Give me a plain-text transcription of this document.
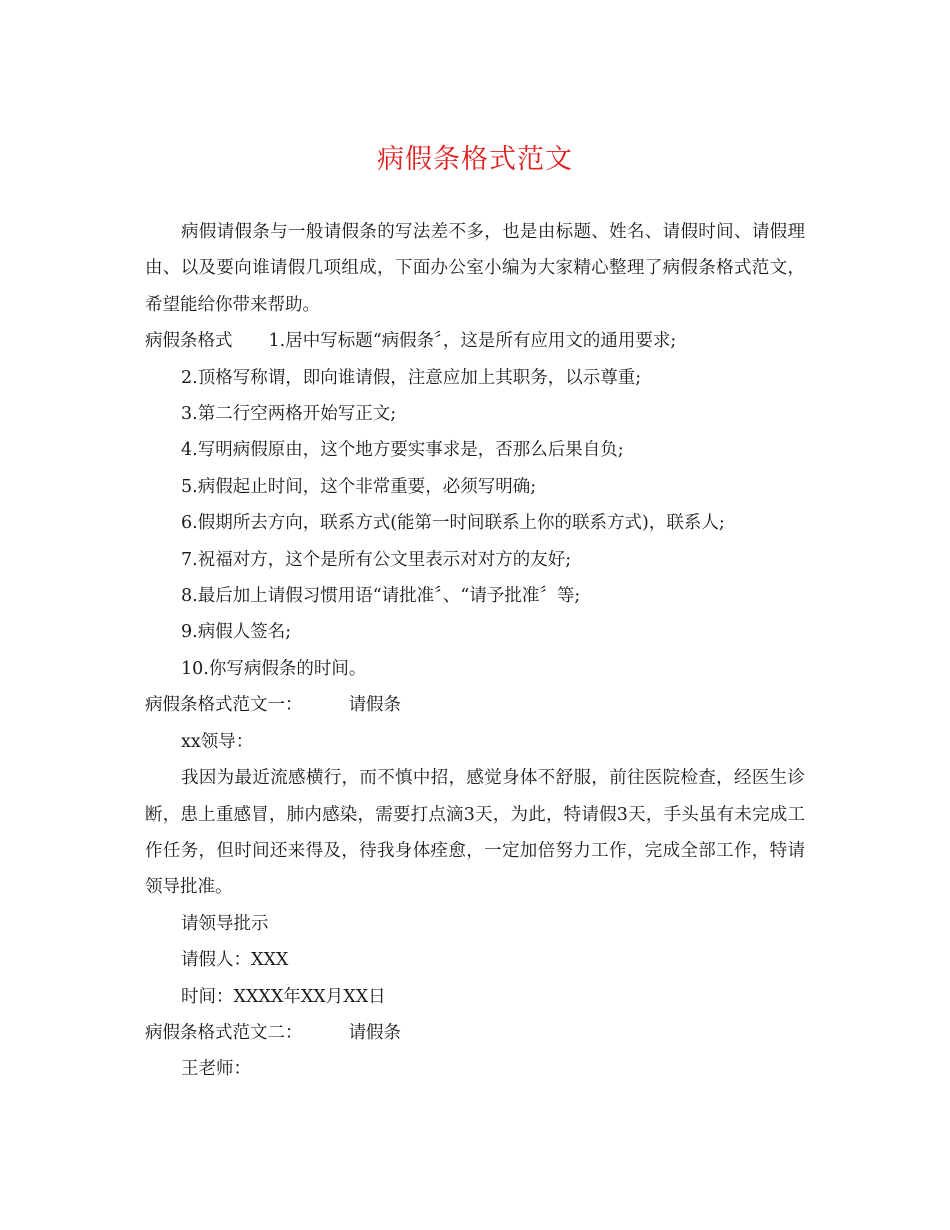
病假条格式范文

病假请假条与一般请假条的写法差不多，也是由标题、姓名、请假时间、请假理由、以及要向谁请假几项组成，下面办公室小编为大家精心整理了病假条格式范文，希望能给你带来帮助。

病假条格式 1.居中写标题“病假条〞，这是所有应用文的通用要求;

2.顶格写称谓，即向谁请假，注意应加上其职务，以示尊重;

3.第二行空两格开始写正文;

4.写明病假原由，这个地方要实事求是，否那么后果自负;

5.病假起止时间，这个非常重要，必须写明确;

6.假期所去方向，联系方式(能第一时间联系上你的联系方式)，联系人;

7.祝福对方，这个是所有公文里表示对对方的友好;

8.最后加上请假习惯用语“请批准〞、“请予批准〞等;

9.病假人签名;

10.你写病假条的时间。

病假条格式范文一：	请假条

xx领导：

我因为最近流感横行，而不慎中招，感觉身体不舒服，前往医院检查，经医生诊断，患上重感冒，肺内感染，需要打点滴3天，为此，特请假3天，手头虽有未完成工作任务，但时间还来得及，待我身体痊愈，一定加倍努力工作，完成全部工作，特请领导批准。

请领导批示

请假人：XXX

时间：XXXX年XX月XX日

病假条格式范文二：	请假条

王老师：
